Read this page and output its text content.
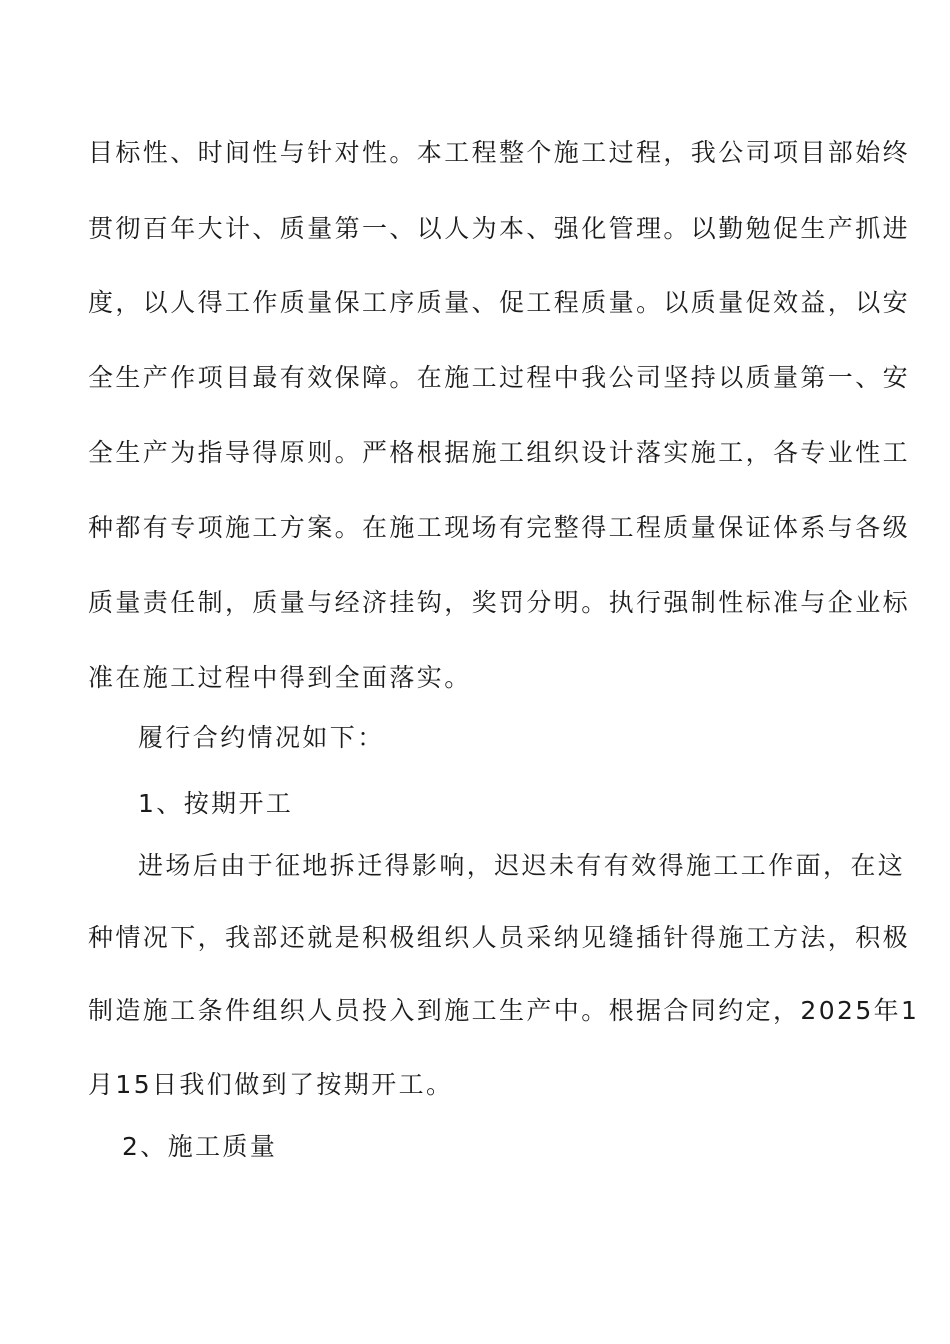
目标性、时间性与针对性。本工程整个施工过程，我公司项目部始终
贯彻百年大计、质量第一、以人为本、强化管理。以勤勉促生产抓进
度，以人得工作质量保工序质量、促工程质量。以质量促效益，以安
全生产作项目最有效保障。在施工过程中我公司坚持以质量第一、安
全生产为指导得原则。严格根据施工组织设计落实施工，各专业性工
种都有专项施工方案。在施工现场有完整得工程质量保证体系与各级
质量责任制，质量与经济挂钩，奖罚分明。执行强制性标准与企业标
准在施工过程中得到全面落实。
履行合约情况如下：
1、按期开工
进场后由于征地拆迁得影响，迟迟未有有效得施工工作面，在这
种情况下，我部还就是积极组织人员采纳见缝插针得施工方法，积极
制造施工条件组织人员投入到施工生产中。根据合同约定，2025年1
月15日我们做到了按期开工。
2、施工质量
